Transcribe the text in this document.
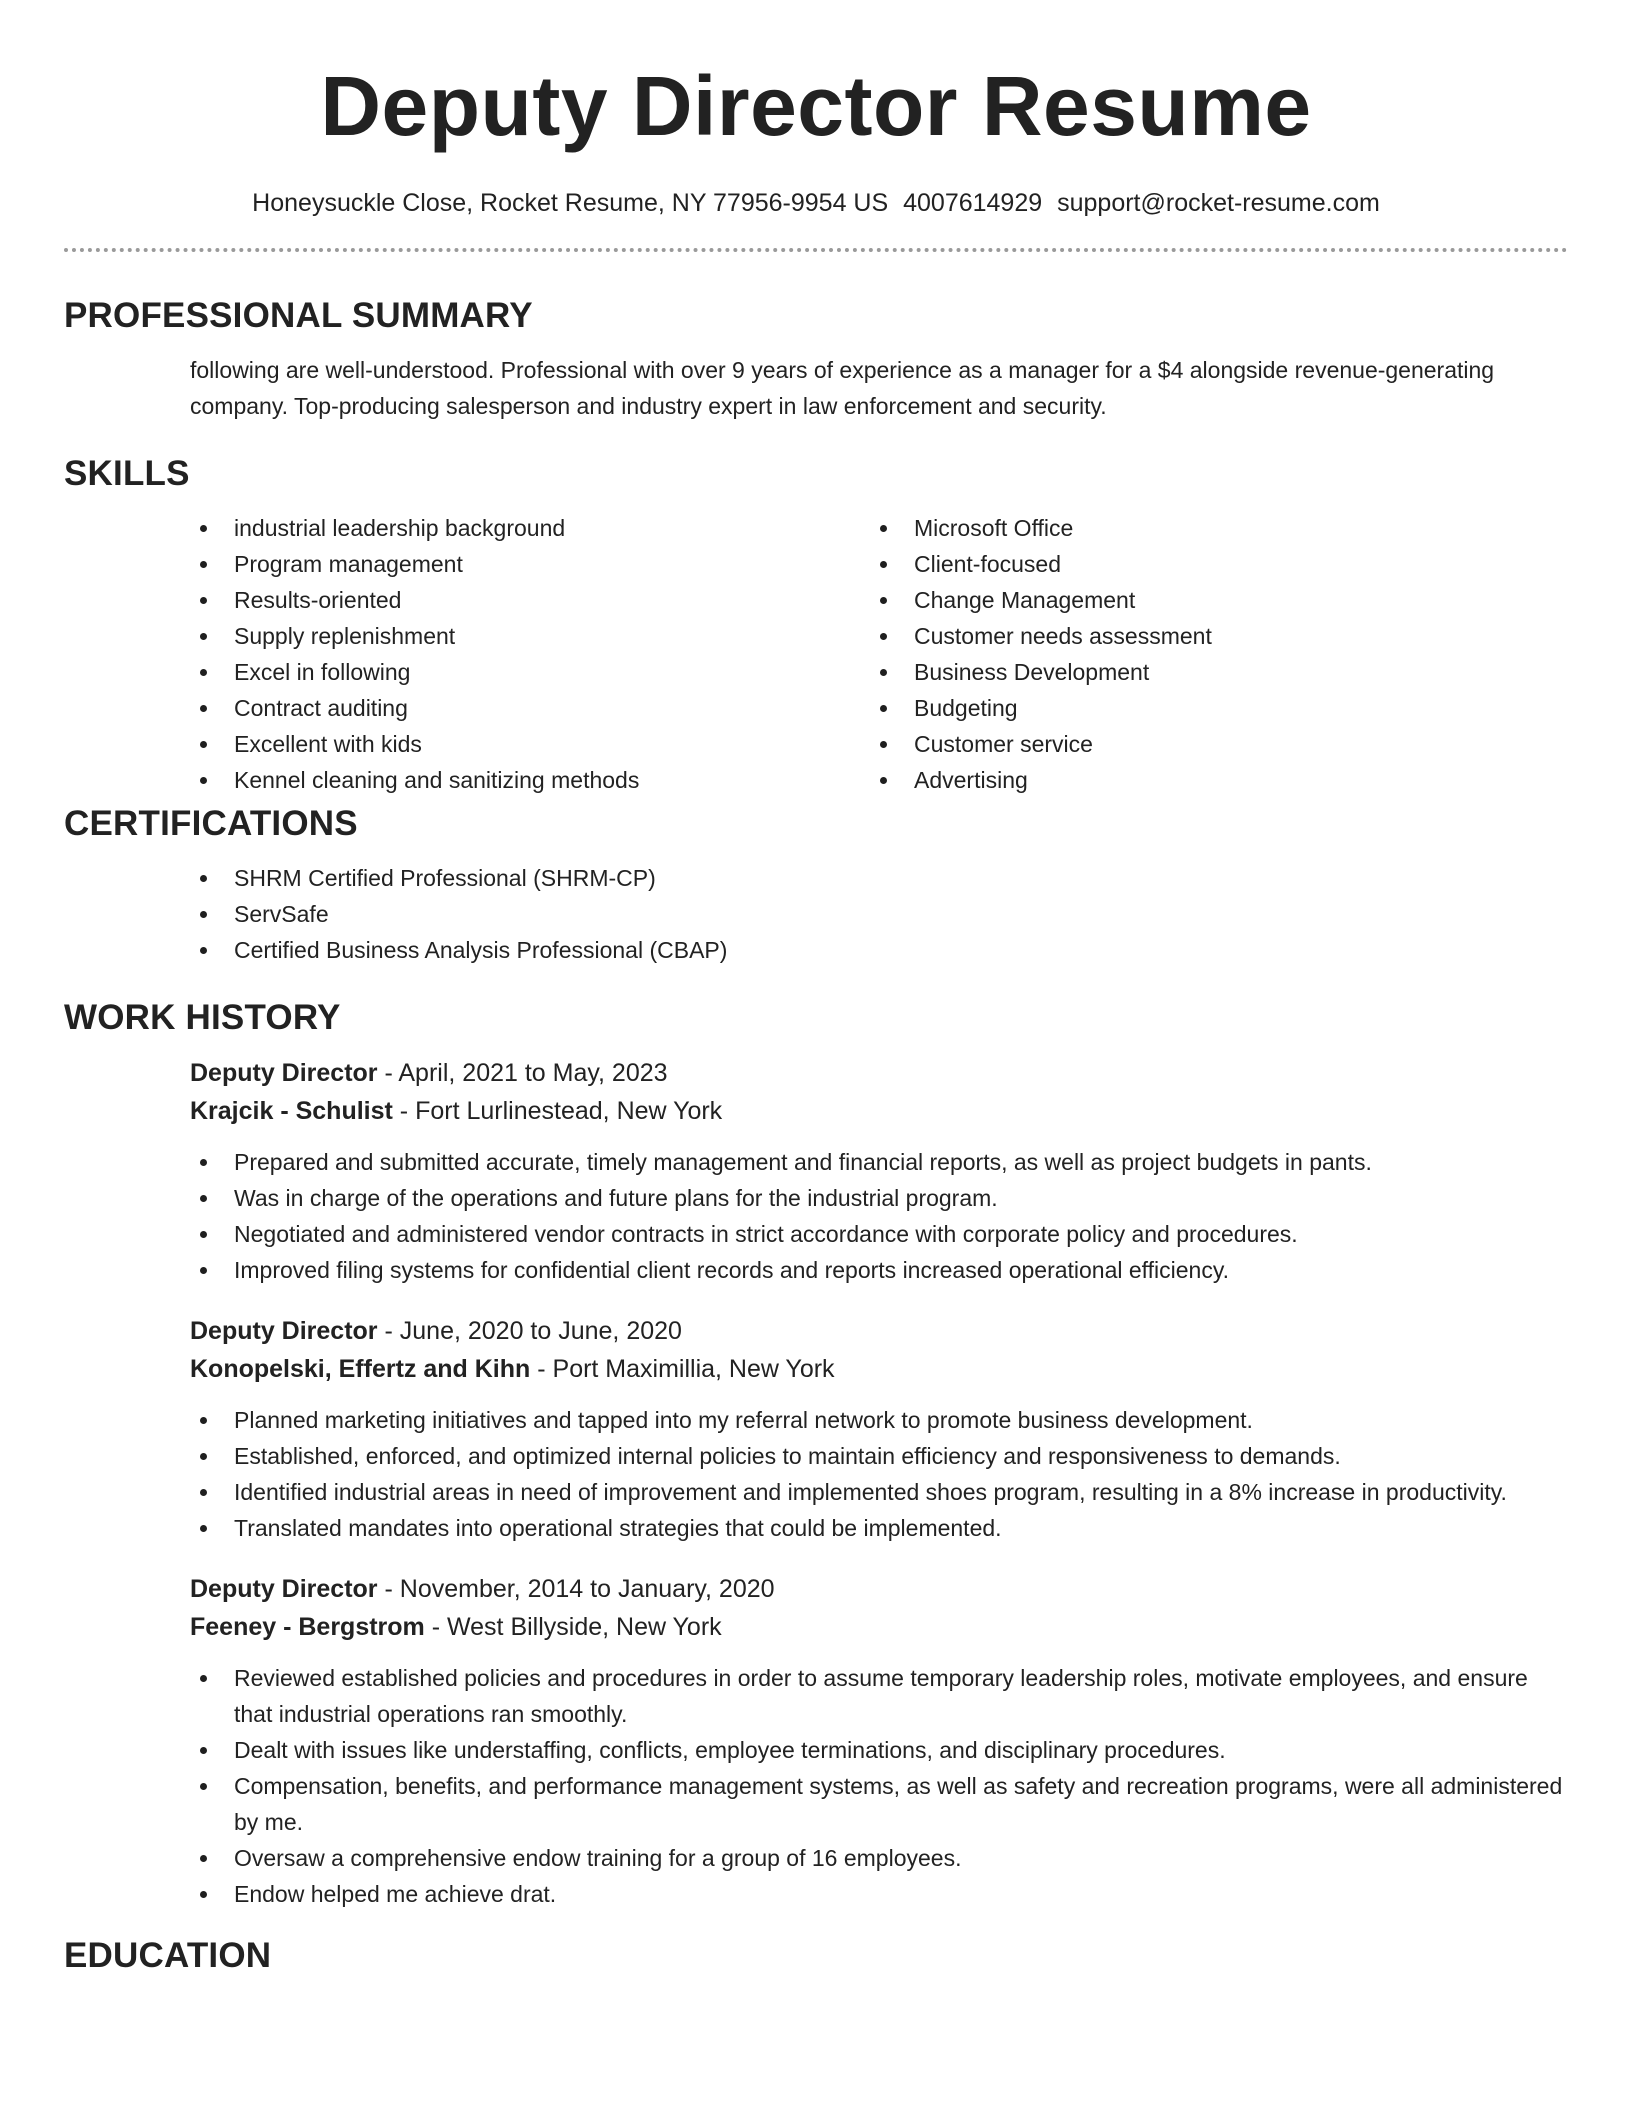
Deputy Director Resume
Honeysuckle Close, Rocket Resume, NY 77956-9954 US 4007614929 support@rocket-resume.com
PROFESSIONAL SUMMARY

following are well-understood. Professional with over 9 years of experience as a manager for a $4 alongside revenue-generating company. Top-producing salesperson and industry expert in law enforcement and security.

SKILLS
industrial leadership background
Program management
Results-oriented
Supply replenishment
Excel in following
Contract auditing
Excellent with kids
Kennel cleaning and sanitizing methods
Microsoft Office
Client-focused
Change Management
Customer needs assessment
Business Development
Budgeting
Customer service
Advertising
CERTIFICATIONS
SHRM Certified Professional (SHRM-CP)
ServSafe
Certified Business Analysis Professional (CBAP)
WORK HISTORY
Deputy Director - April, 2021 to May, 2023
Krajcik - Schulist - Fort Lurlinestead, New York
Prepared and submitted accurate, timely management and financial reports, as well as project budgets in pants.
Was in charge of the operations and future plans for the industrial program.
Negotiated and administered vendor contracts in strict accordance with corporate policy and procedures.
Improved filing systems for confidential client records and reports increased operational efficiency.
Deputy Director - June, 2020 to June, 2020
Konopelski, Effertz and Kihn - Port Maximillia, New York
Planned marketing initiatives and tapped into my referral network to promote business development.
Established, enforced, and optimized internal policies to maintain efficiency and responsiveness to demands.
Identified industrial areas in need of improvement and implemented shoes program, resulting in a 8% increase in productivity.
Translated mandates into operational strategies that could be implemented.
Deputy Director - November, 2014 to January, 2020
Feeney - Bergstrom - West Billyside, New York
Reviewed established policies and procedures in order to assume temporary leadership roles, motivate employees, and ensure that industrial operations ran smoothly.
Dealt with issues like understaffing, conflicts, employee terminations, and disciplinary procedures.
Compensation, benefits, and performance management systems, as well as safety and recreation programs, were all administered by me.
Oversaw a comprehensive endow training for a group of 16 employees.
Endow helped me achieve drat.
EDUCATION
